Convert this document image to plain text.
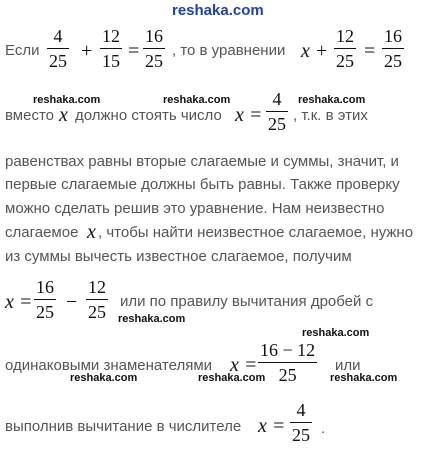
reshaka.com
Если
4
25 +
12
15 =
16
25
, то в уравнении x +
12
25 =
16
25
reshaka.com	reshaka.com	reshaka.com
вместо x должно стоять число x =
4
25 , т.к. в этих
равенствах равны вторые слагаемые и суммы, значит, и
первые слагаемые должны быть равны. Также проверку
можно сделать решив это уравнение. Нам неизвестно
слагаемое x , чтобы найти неизвестное слагаемое, нужно
из суммы вычесть известное слагаемое, получим
x =
16
25 −
12
25
или по правилу вычитания дробей с
reshaka.com
reshaka.com
одинаковыми знаменателями x =
16 − 12
25	или
reshaka.com	reshaka.com	reshaka.com
выполнив вычитание в числителе x =
4
25 .
